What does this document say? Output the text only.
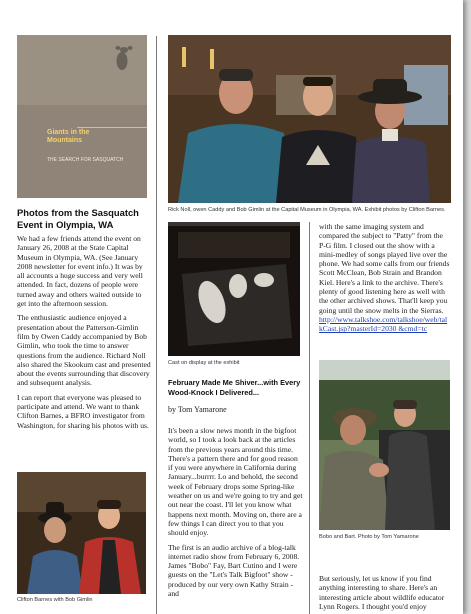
Giants in the Mountains
THE SEARCH FOR SASQUATCH
Photos from the Sasquatch Event in Olympia, WA

We had a few friends attend the event on January 26, 2008 at the State Capital Museum in Olympia, WA. (See January 2008 newsletter for event info.) It was by all accounts a huge success and very well attended. In fact, dozens of people were turned away and others waited outside to get into the afternoon session.

The enthusiastic audience enjoyed a presentation about the Patterson-Gimlin film by Owen Caddy accompanied by Bob Gimlin, who took the time to answer questions from the audience. Richard Noll also shared the Skookum cast and presented about the events surrounding that discovery and subsequent analysis.

I can report that everyone was pleased to participate and attend. We want to thank Clifton Barnes, a BFRO investigator from Washington, for sharing his photos with us.

Clifton Barnes with Bob Gimlin
Rick Noll, owen Caddy and Bob Gimlin at the Capital Museum in Olympia, WA. Exhibit photos by Clifton Barnes.
Cast on display at the exhibit
February Made Me Shiver...with Every Wood-Knock I Delivered...
by Tom Yamarone

It's been a slow news month in the bigfoot world, so I took a look back at the articles from the previous years around this time. There's a pattern there and for good reason if you were anywhere in California during January...burrrr. Lo and behold, the second week of February drops some Spring-like weather on us and we're going to try and get out near the coast. I'll let you know what happens next month. Moving on, there are a few things I can direct you to that you should enjoy.

The first is an audio archive of a blog-talk internet radio show from February 6, 2008. James "Bobo" Fay, Bart Cutino and I were guests on the "Let's Talk Bigfoot" show - produced by our very own Kathy Strain - and

with the same imaging system and compared the subject to "Patty" from the P-G film. I closed out the show with a mini-medley of songs played live over the phone. We had some calls from our friends Scott McClean, Bob Strain and Brandon Kiel. Here's a link to the archive. There's plenty of good listening here as well with the other archived shows. That'll keep you going until the snow melts in the Sierras.

http://www.talkshoe.com/talkshoe/web/tal kCast.jsp?masterId=2030 &cmd=tc
Bobo and Bart. Photo by Tom Yamarone
But seriously, let us know if you find anything interesting to share. Here's an interesting article about wildlife educator Lynn Rogers. I thought you'd enjoy
